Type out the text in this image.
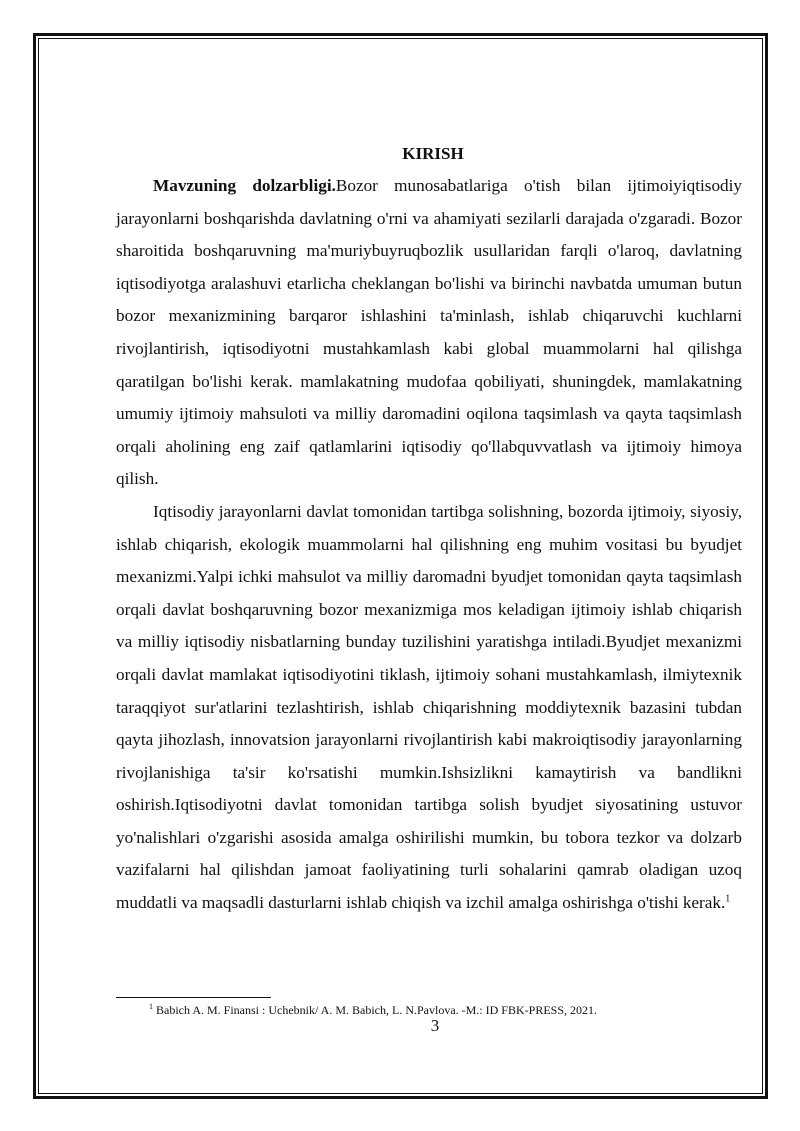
KIRISH

Mavzuning dolzarbligi.Bozor munosabatlariga o'tish bilan ijtimoiyiqtisodiy jarayonlarni boshqarishda davlatning o'rni va ahamiyati sezilarli darajada o'zgaradi. Bozor sharoitida boshqaruvning ma'muriybuyruqbozlik usullaridan farqli o'laroq, davlatning iqtisodiyotga aralashuvi etarlicha cheklangan bo'lishi va birinchi navbatda umuman butun bozor mexanizmining barqaror ishlashini ta'minlash, ishlab chiqaruvchi kuchlarni rivojlantirish, iqtisodiyotni mustahkamlash kabi global muammolarni hal qilishga qaratilgan bo'lishi kerak. mamlakatning mudofaa qobiliyati, shuningdek, mamlakatning umumiy ijtimoiy mahsuloti va milliy daromadini oqilona taqsimlash va qayta taqsimlash orqali aholining eng zaif qatlamlarini iqtisodiy qo'llabquvvatlash va ijtimoiy himoya qilish.

Iqtisodiy jarayonlarni davlat tomonidan tartibga solishning, bozorda ijtimoiy, siyosiy, ishlab chiqarish, ekologik muammolarni hal qilishning eng muhim vositasi bu byudjet mexanizmi.Yalpi ichki mahsulot va milliy daromadni byudjet tomonidan qayta taqsimlash orqali davlat boshqaruvning bozor mexanizmiga mos keladigan ijtimoiy ishlab chiqarish va milliy iqtisodiy nisbatlarning bunday tuzilishini yaratishga intiladi.Byudjet mexanizmi orqali davlat mamlakat iqtisodiyotini tiklash, ijtimoiy sohani mustahkamlash, ilmiytexnik taraqqiyot sur'atlarini tezlashtirish, ishlab chiqarishning moddiytexnik bazasini tubdan qayta jihozlash, innovatsion jarayonlarni rivojlantirish kabi makroiqtisodiy jarayonlarning rivojlanishiga ta'sir ko'rsatishi mumkin.Ishsizlikni kamaytirish va bandlikni oshirish.Iqtisodiyotni davlat tomonidan tartibga solish byudjet siyosatining ustuvor yo'nalishlari o'zgarishi asosida amalga oshirilishi mumkin, bu tobora tezkor va dolzarb vazifalarni hal qilishdan jamoat faoliyatining turli sohalarini qamrab oladigan uzoq muddatli va maqsadli dasturlarni ishlab chiqish va izchil amalga oshirishga o'tishi kerak.$^1$

$^1$ Babich A. M. Finansi : Uchebnik/ A. M. Babich, L. N.Pavlova. -M.: ID FBK-PRESS, 2021.
3
